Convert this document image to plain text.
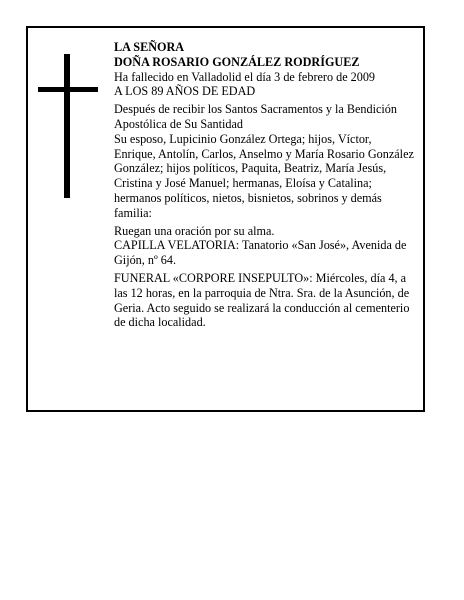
LA SEÑORA

DOÑA ROSARIO GONZÁLEZ RODRÍGUEZ

Ha fallecido en Valladolid el día 3 de febrero de 2009

A LOS 89 AÑOS DE EDAD

Después de recibir los Santos Sacramentos y la Bendición Apostólica de Su Santidad

Su esposo, Lupicinio González Ortega; hijos, Víctor, Enrique, Antolín, Carlos, Anselmo y María Rosario González González; hijos políticos, Paquita, Beatriz, María Jesús, Cristina y José Manuel; hermanas, Eloísa y Catalina; hermanos políticos, nietos, bisnietos, sobrinos y demás familia:

Ruegan una oración por su alma.

CAPILLA VELATORIA: Tanatorio «San José», Avenida de Gijón, nº 64.

FUNERAL «CORPORE INSEPULTO»: Miércoles, día 4, a las 12 horas, en la parroquia de Ntra. Sra. de la Asunción, de Geria. Acto seguido se realizará la conducción al cementerio de dicha localidad.
